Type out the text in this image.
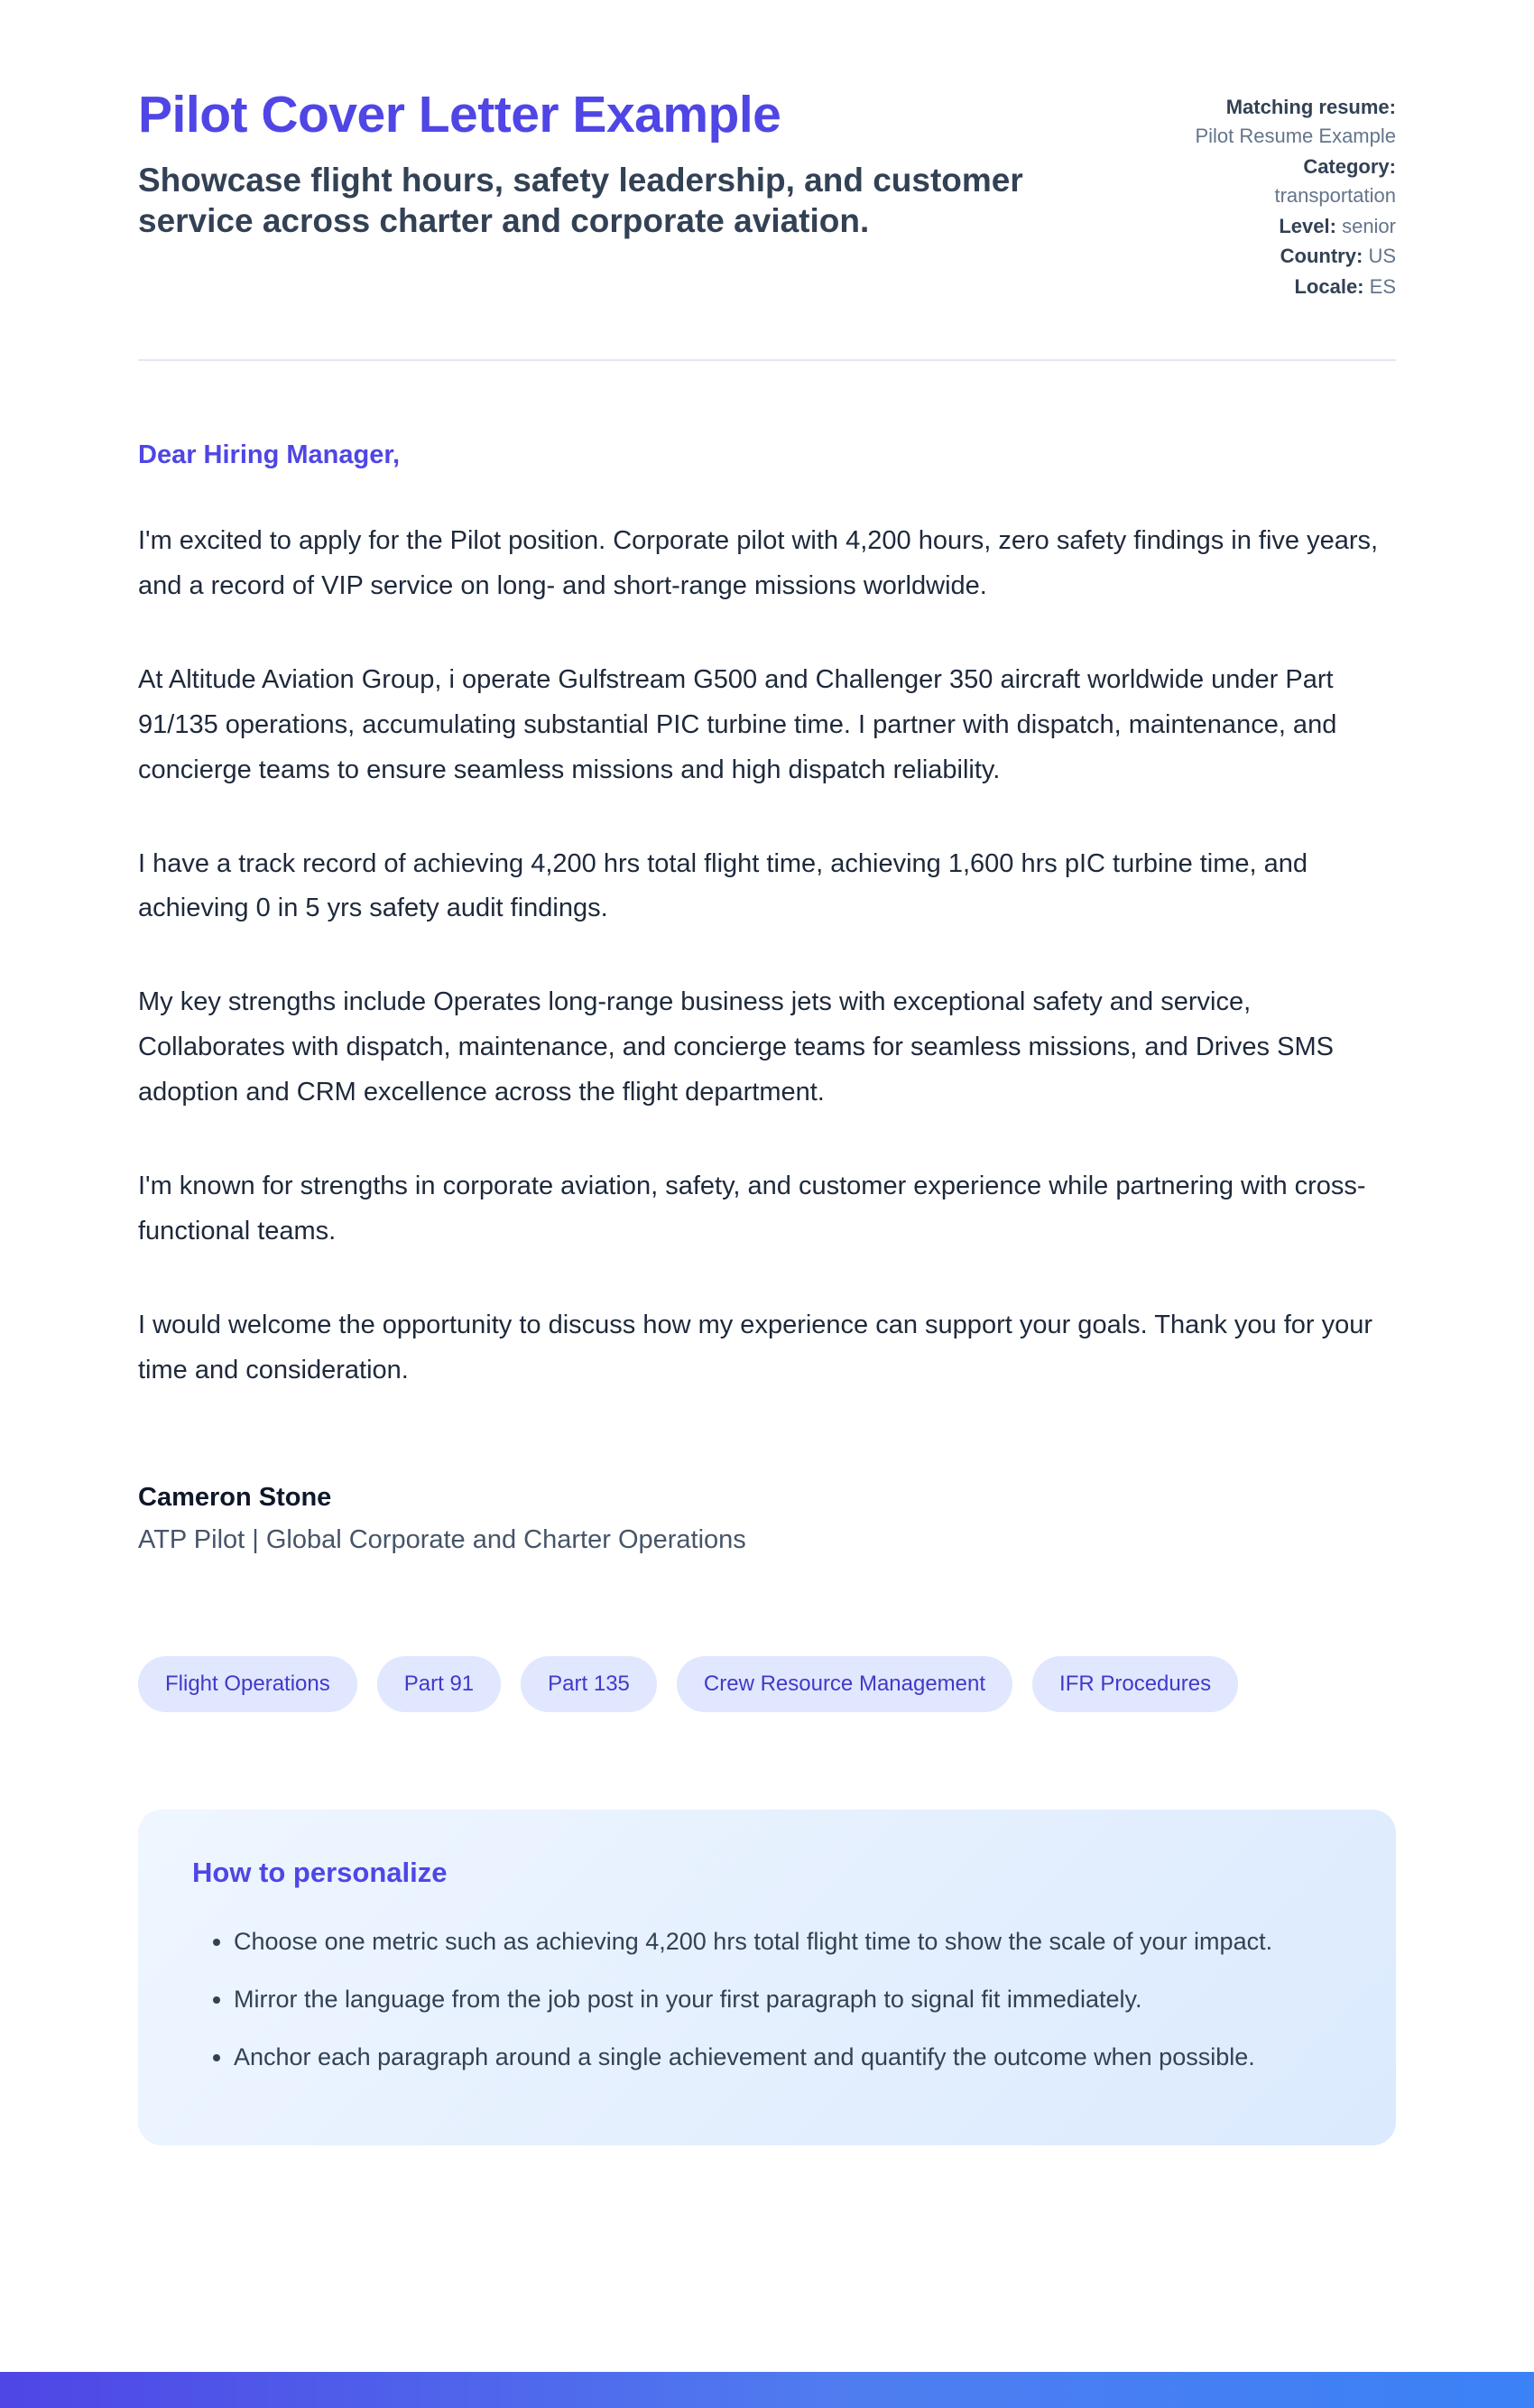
Pilot Cover Letter Example
Showcase flight hours, safety leadership, and customer service across charter and corporate aviation.
Matching resume:
Pilot Resume Example
Category:
transportation
Level: senior
Country: US
Locale: ES

Dear Hiring Manager,

I'm excited to apply for the Pilot position. Corporate pilot with 4,200 hours, zero safety findings in five years, and a record of VIP service on long- and short-range missions worldwide.

At Altitude Aviation Group, i operate Gulfstream G500 and Challenger 350 aircraft worldwide under Part 91/135 operations, accumulating substantial PIC turbine time. I partner with dispatch, maintenance, and concierge teams to ensure seamless missions and high dispatch reliability.

I have a track record of achieving 4,200 hrs total flight time, achieving 1,600 hrs pIC turbine time, and achieving 0 in 5 yrs safety audit findings.

My key strengths include Operates long-range business jets with exceptional safety and service, Collaborates with dispatch, maintenance, and concierge teams for seamless missions, and Drives SMS adoption and CRM excellence across the flight department.

I'm known for strengths in corporate aviation, safety, and customer experience while partnering with cross-functional teams.

I would welcome the opportunity to discuss how my experience can support your goals. Thank you for your time and consideration.

Cameron Stone

ATP Pilot | Global Corporate and Charter Operations

Flight Operations	Part 91	Part 135	Crew Resource Management	IFR Procedures
How to personalize
• Choose one metric such as achieving 4,200 hrs total flight time to show the scale of your impact.
• Mirror the language from the job post in your first paragraph to signal fit immediately.
• Anchor each paragraph around a single achievement and quantify the outcome when possible.
